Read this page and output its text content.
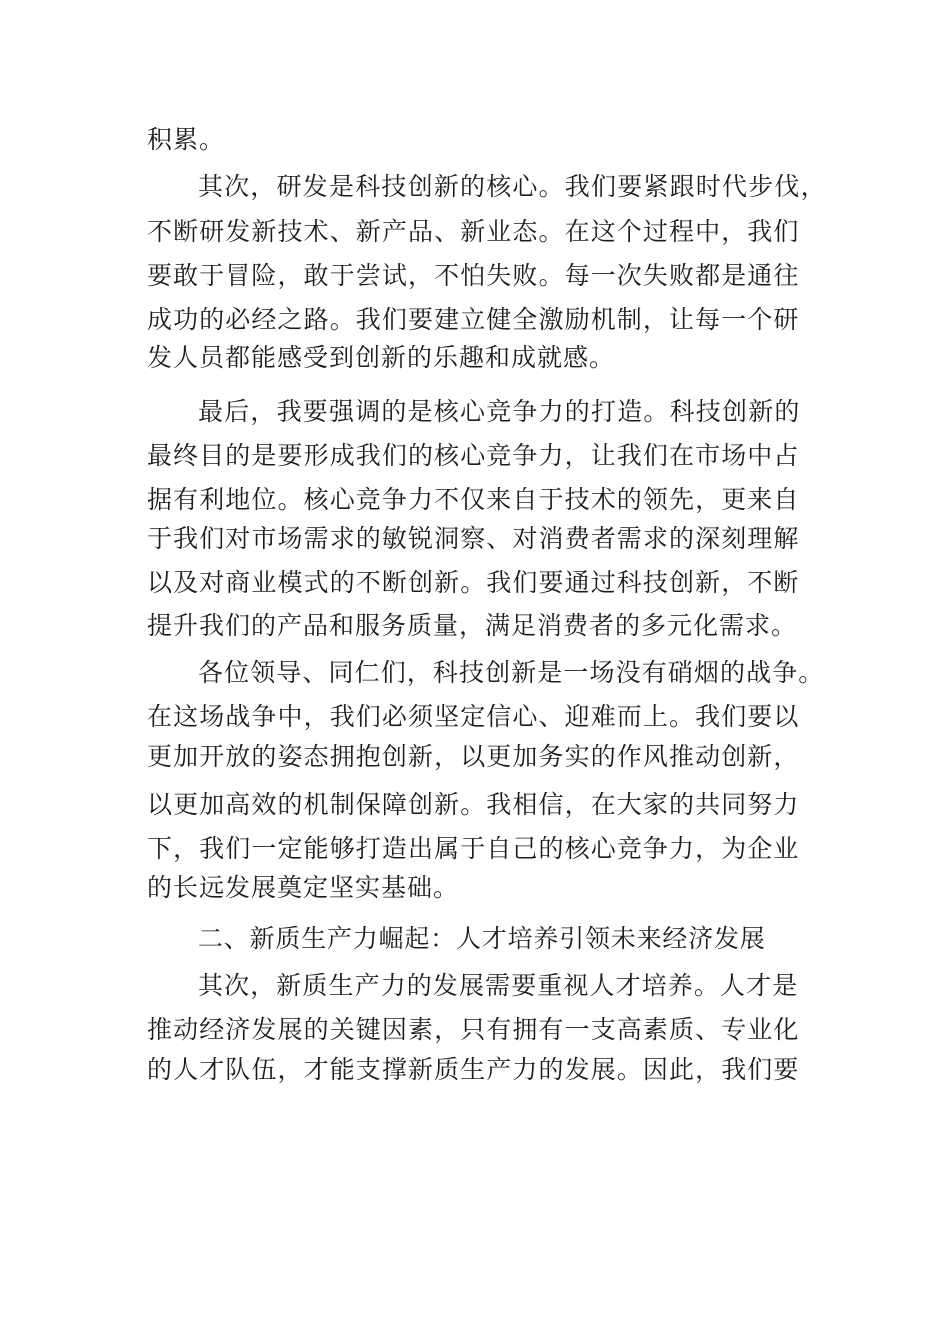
积累。
其次，研发是科技创新的核心。我们要紧跟时代步伐，
不断研发新技术、新产品、新业态。在这个过程中，我们
要敢于冒险，敢于尝试，不怕失败。每一次失败都是通往
成功的必经之路。我们要建立健全激励机制，让每一个研
发人员都能感受到创新的乐趣和成就感。
最后，我要强调的是核心竞争力的打造。科技创新的
最终目的是要形成我们的核心竞争力，让我们在市场中占
据有利地位。核心竞争力不仅来自于技术的领先，更来自
于我们对市场需求的敏锐洞察、对消费者需求的深刻理解
以及对商业模式的不断创新。我们要通过科技创新，不断
提升我们的产品和服务质量，满足消费者的多元化需求。
各位领导、同仁们，科技创新是一场没有硝烟的战争。
在这场战争中，我们必须坚定信心、迎难而上。我们要以
更加开放的姿态拥抱创新，以更加务实的作风推动创新，
以更加高效的机制保障创新。我相信，在大家的共同努力
下，我们一定能够打造出属于自己的核心竞争力，为企业
的长远发展奠定坚实基础。
二、新质生产力崛起：人才培养引领未来经济发展
其次，新质生产力的发展需要重视人才培养。人才是
推动经济发展的关键因素，只有拥有一支高素质、专业化
的人才队伍，才能支撑新质生产力的发展。因此，我们要
